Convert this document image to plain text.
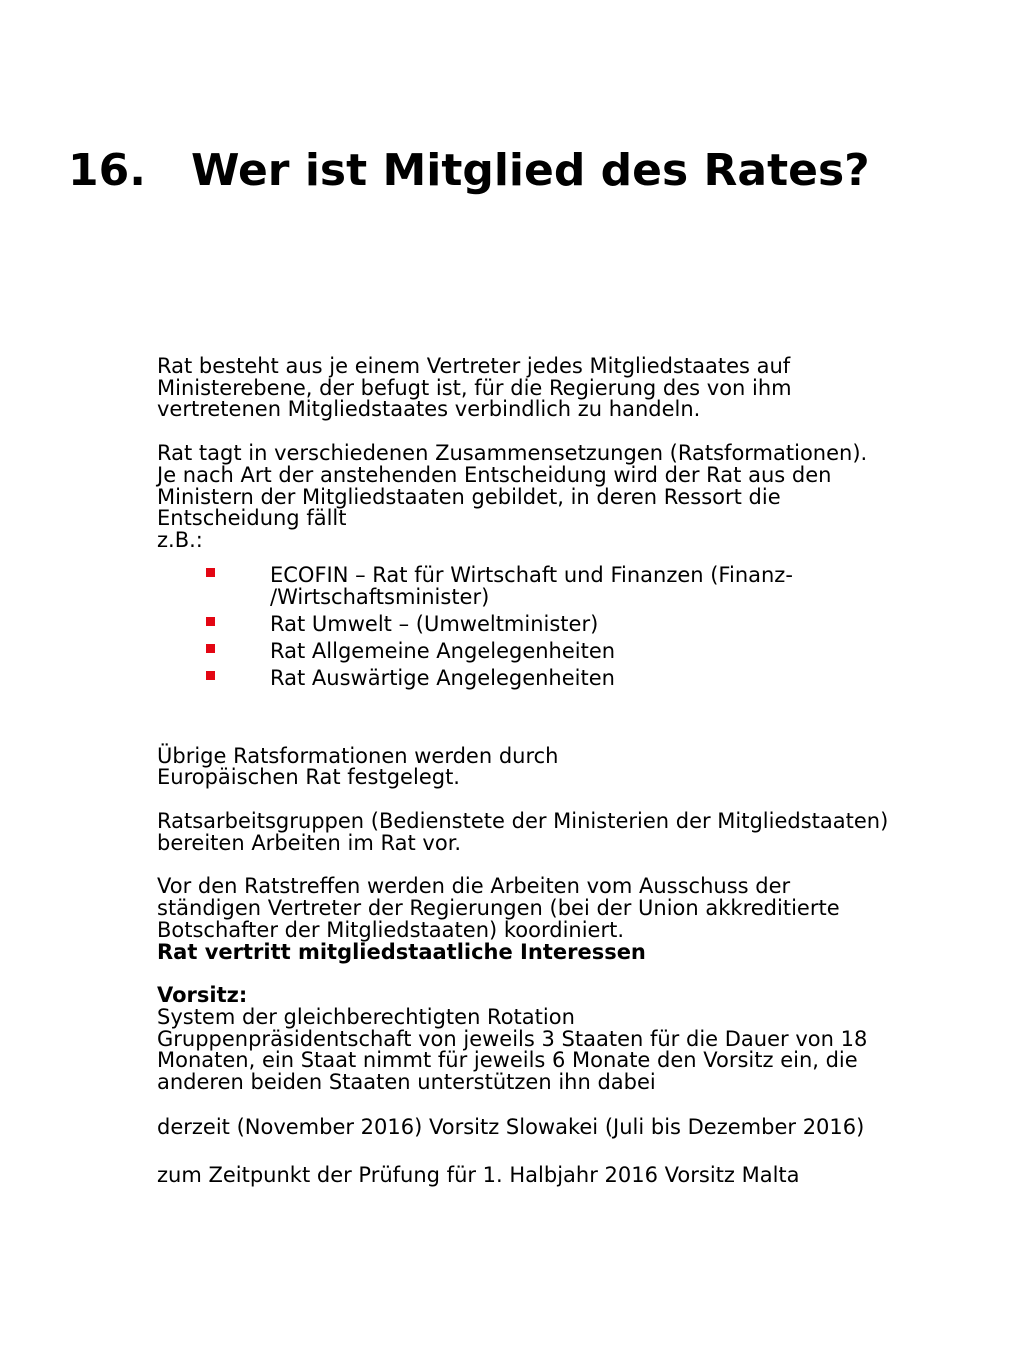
16. Wer ist Mitglied des Rates?
Rat besteht aus je einem Vertreter jedes Mitgliedstaates auf
Ministerebene, der befugt ist, für die Regierung des von ihm
vertretenen Mitgliedstaates verbindlich zu handeln.
Rat tagt in verschiedenen Zusammensetzungen (Ratsformationen).
Je nach Art der anstehenden Entscheidung wird der Rat aus den
Ministern der Mitgliedstaaten gebildet, in deren Ressort die
Entscheidung fällt
z.B.:
ECOFIN – Rat für Wirtschaft und Finanzen (Finanz-
/Wirtschaftsminister)
Rat Umwelt – (Umweltminister)
Rat Allgemeine Angelegenheiten
Rat Auswärtige Angelegenheiten
Übrige Ratsformationen werden durch
Europäischen Rat festgelegt.
Ratsarbeitsgruppen (Bedienstete der Ministerien der Mitgliedstaaten)
bereiten Arbeiten im Rat vor.
Vor den Ratstreffen werden die Arbeiten vom Ausschuss der
ständigen Vertreter der Regierungen (bei der Union akkreditierte
Botschafter der Mitgliedstaaten) koordiniert.
Rat vertritt mitgliedstaatliche Interessen
Vorsitz:
System der gleichberechtigten Rotation
Gruppenpräsidentschaft von jeweils 3 Staaten für die Dauer von 18
Monaten, ein Staat nimmt für jeweils 6 Monate den Vorsitz ein, die
anderen beiden Staaten unterstützen ihn dabei
derzeit (November 2016) Vorsitz Slowakei (Juli bis Dezember 2016)
zum Zeitpunkt der Prüfung für 1. Halbjahr 2016 Vorsitz Malta
